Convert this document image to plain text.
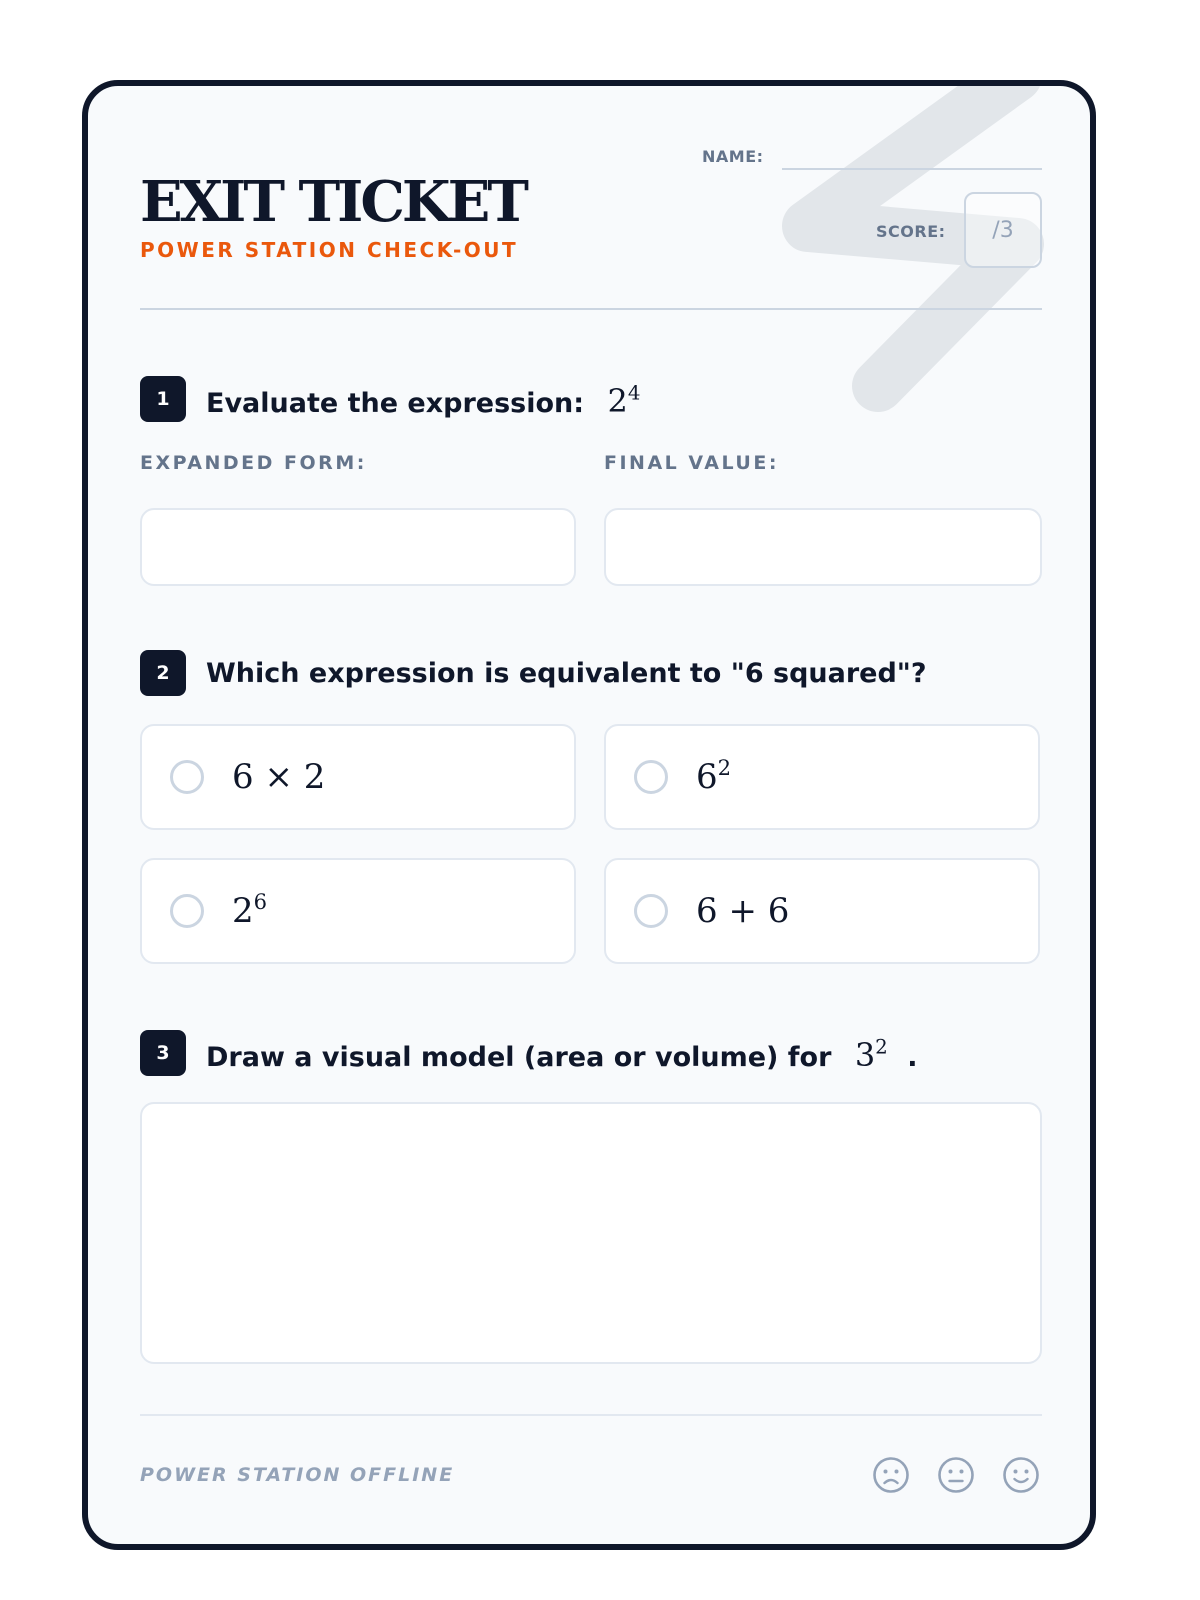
EXIT TICKET
POWER STATION CHECK-OUT
NAME:
SCORE: /3
1	Evaluate the expression: $2^4$
EXPANDED FORM:	FINAL VALUE:
2	Which expression is equivalent to "6 squared"?
6 × 2	$6^2$
$2^6$	6 + 6
3	Draw a visual model (area or volume) for $3^2$ .
POWER STATION OFFLINE
